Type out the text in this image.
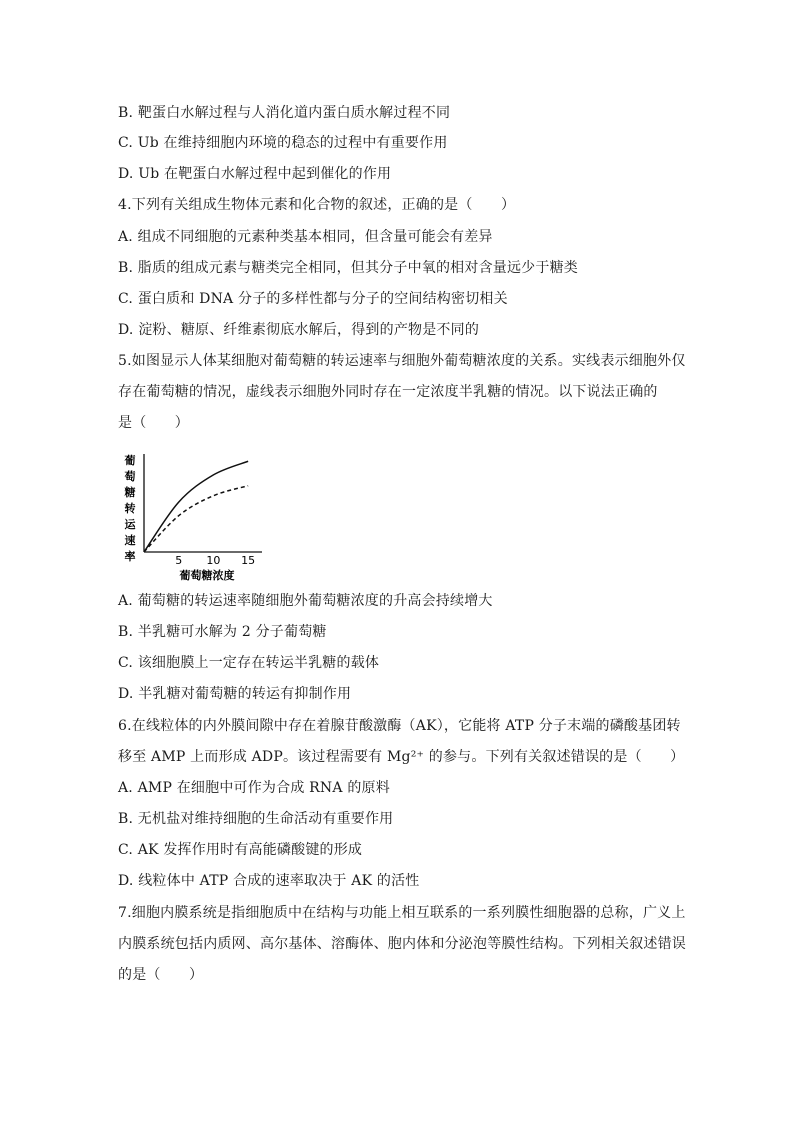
B. 靶蛋白水解过程与人消化道内蛋白质水解过程不同
C. Ub 在维持细胞内环境的稳态的过程中有重要作用
D. Ub 在靶蛋白水解过程中起到催化的作用
4.下列有关组成生物体元素和化合物的叙述，正确的是（　　）
A. 组成不同细胞的元素种类基本相同，但含量可能会有差异
B. 脂质的组成元素与糖类完全相同，但其分子中氧的相对含量远少于糖类
C. 蛋白质和 DNA 分子的多样性都与分子的空间结构密切相关
D. 淀粉、糖原、纤维素彻底水解后，得到的产物是不同的
5.如图显示人体某细胞对葡萄糖的转运速率与细胞外葡萄糖浓度的关系。实线表示细胞外仅
存在葡萄糖的情况，虚线表示细胞外同时存在一定浓度半乳糖的情况。以下说法正确的
是（　　）
葡
萄
糖
转
运
速
率	5 10 15
葡萄糖浓度
A. 葡萄糖的转运速率随细胞外葡萄糖浓度的升高会持续增大
B. 半乳糖可水解为 2 分子葡萄糖
C. 该细胞膜上一定存在转运半乳糖的载体
D. 半乳糖对葡萄糖的转运有抑制作用
6.在线粒体的内外膜间隙中存在着腺苷酸激酶（AK），它能将 ATP 分子末端的磷酸基团转
移至 AMP 上而形成 ADP。该过程需要有 Mg²⁺ 的参与。下列有关叙述错误的是（　　）
A. AMP 在细胞中可作为合成 RNA 的原料
B. 无机盐对维持细胞的生命活动有重要作用
C. AK 发挥作用时有高能磷酸键的形成
D. 线粒体中 ATP 合成的速率取决于 AK 的活性
7.细胞内膜系统是指细胞质中在结构与功能上相互联系的一系列膜性细胞器的总称，广义上
内膜系统包括内质网、高尔基体、溶酶体、胞内体和分泌泡等膜性结构。下列相关叙述错误
的是（　　）
